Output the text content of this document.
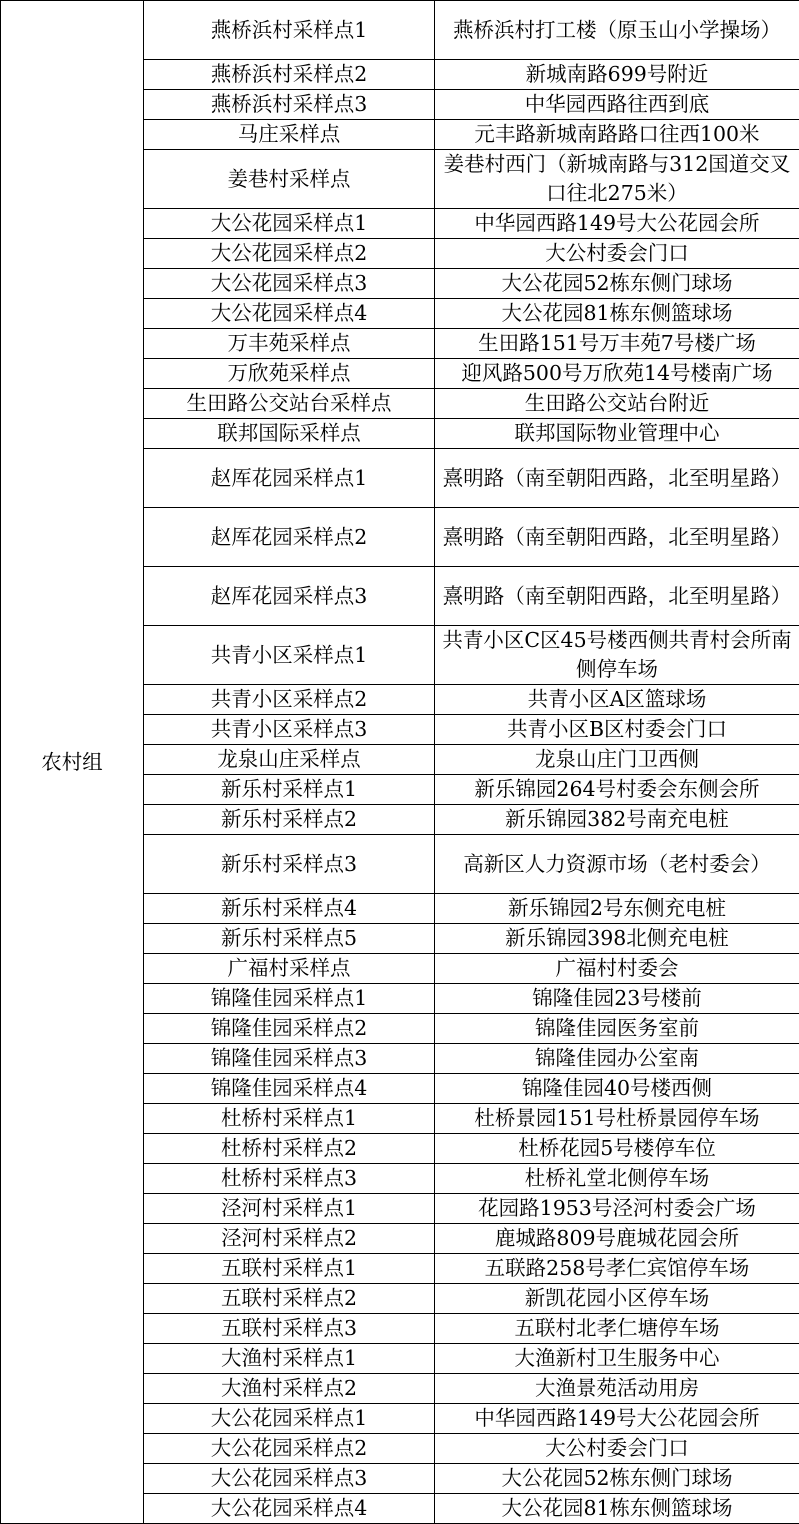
农村组	燕桥浜村采样点1	燕桥浜村打工楼（原玉山小学操场）
	燕桥浜村采样点2	新城南路699号附近
	燕桥浜村采样点3	中华园西路往西到底
	马庄采样点	元丰路新城南路路口往西100米
	姜巷村采样点	姜巷村西门（新城南路与312国道交叉口往北275米）
	大公花园采样点1	中华园西路149号大公花园会所
	大公花园采样点2	大公村委会门口
	大公花园采样点3	大公花园52栋东侧门球场
	大公花园采样点4	大公花园81栋东侧篮球场
	万丰苑采样点	生田路151号万丰苑7号楼广场
	万欣苑采样点	迎风路500号万欣苑14号楼南广场
	生田路公交站台采样点	生田路公交站台附近
	联邦国际采样点	联邦国际物业管理中心
	赵厍花园采样点1	熹明路（南至朝阳西路，北至明星路）
	赵厍花园采样点2	熹明路（南至朝阳西路，北至明星路）
	赵厍花园采样点3	熹明路（南至朝阳西路，北至明星路）
	共青小区采样点1	共青小区C区45号楼西侧共青村会所南侧停车场
	共青小区采样点2	共青小区A区篮球场
	共青小区采样点3	共青小区B区村委会门口
	龙泉山庄采样点	龙泉山庄门卫西侧
	新乐村采样点1	新乐锦园264号村委会东侧会所
	新乐村采样点2	新乐锦园382号南充电桩
	新乐村采样点3	高新区人力资源市场（老村委会）
	新乐村采样点4	新乐锦园2号东侧充电桩
	新乐村采样点5	新乐锦园398北侧充电桩
	广福村采样点	广福村村委会
	锦隆佳园采样点1	锦隆佳园23号楼前
	锦隆佳园采样点2	锦隆佳园医务室前
	锦隆佳园采样点3	锦隆佳园办公室南
	锦隆佳园采样点4	锦隆佳园40号楼西侧
	杜桥村采样点1	杜桥景园151号杜桥景园停车场
	杜桥村采样点2	杜桥花园5号楼停车位
	杜桥村采样点3	杜桥礼堂北侧停车场
	泾河村采样点1	花园路1953号泾河村委会广场
	泾河村采样点2	鹿城路809号鹿城花园会所
	五联村采样点1	五联路258号孝仁宾馆停车场
	五联村采样点2	新凯花园小区停车场
	五联村采样点3	五联村北孝仁塘停车场
	大渔村采样点1	大渔新村卫生服务中心
	大渔村采样点2	大渔景苑活动用房
	大公花园采样点1	中华园西路149号大公花园会所
	大公花园采样点2	大公村委会门口
	大公花园采样点3	大公花园52栋东侧门球场
	大公花园采样点4	大公花园81栋东侧篮球场
